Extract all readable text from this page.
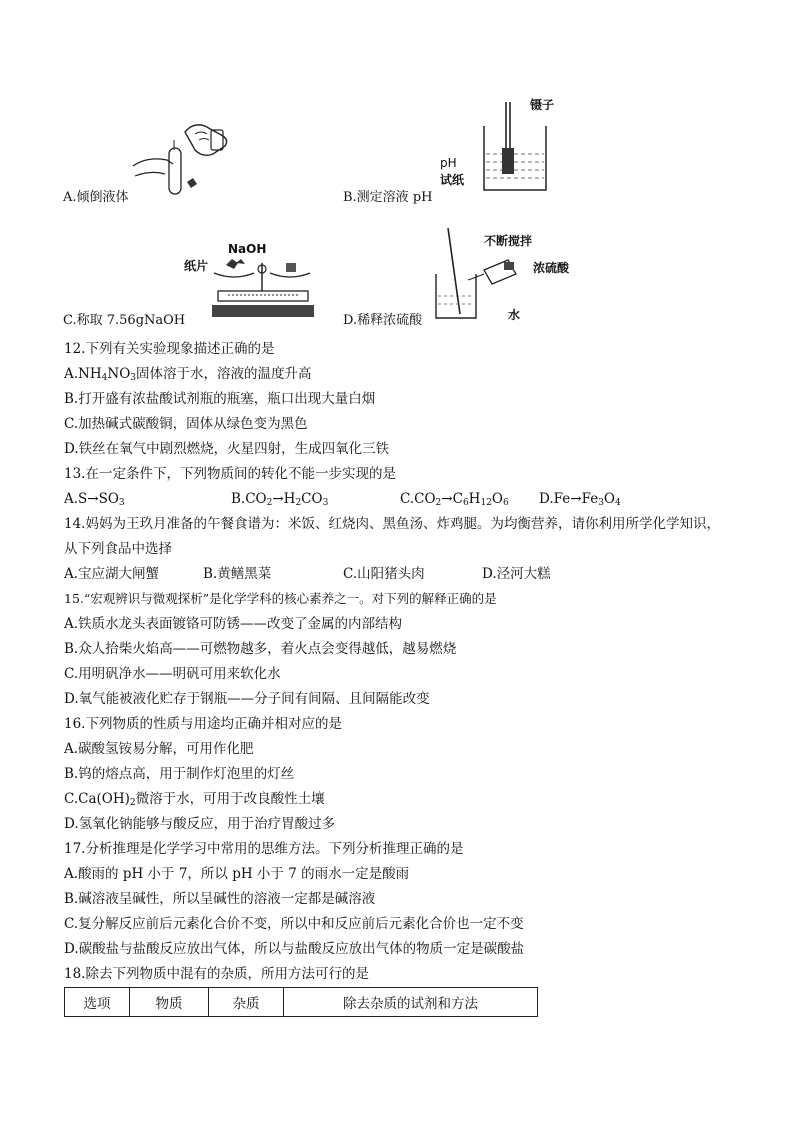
A.倾倒液体
镊子
pH
试纸
B.测定溶液 pH
NaOH
纸片
C.称取 7.56gNaOH
不断搅拌
浓硫酸
水
D.稀释浓硫酸
12.下列有关实验现象描述正确的是
$A.NH_4NO_3$固体溶于水，溶液的温度升高
B.打开盛有浓盐酸试剂瓶的瓶塞，瓶口出现大量白烟
C.加热碱式碳酸铜，固体从绿色变为黑色
D.铁丝在氧气中剧烈燃烧，火星四射，生成四氧化三铁
13.在一定条件下，下列物质间的转化不能一步实现的是
$A.S\to SO_3$	$B.CO_2\to H_2CO_3$	$C.CO_2\to C_6H_{12}O_6$ $D.Fe\to Fe_3O_4$
14.妈妈为王玖月准备的午餐食谱为：米饭、红烧肉、黑鱼汤、炸鸡腿。为均衡营养，请你利用所学化学知识，
从下列食品中选择
A.宝应湖大闸蟹	B.黄鳝黑菜	C.山阳猪头肉	D.泾河大糕
15.“宏观辨识与微观探析”是化学学科的核心素养之一。对下列的解释正确的是
A.铁质水龙头表面镀铬可防锈——改变了金属的内部结构
B.众人拾柴火焰高——可燃物越多，着火点会变得越低，越易燃烧
C.用明矾净水——明矾可用来软化水
D.氧气能被液化贮存于钢瓶——分子间有间隔、且间隔能改变
16.下列物质的性质与用途均正确并相对应的是
A.碳酸氢铵易分解，可用作化肥
B.钨的熔点高，用于制作灯泡里的灯丝
$C.Ca(OH)_2$微溶于水，可用于改良酸性土壤
D.氢氧化钠能够与酸反应，用于治疗胃酸过多
17.分析推理是化学学习中常用的思维方法。下列分析推理正确的是
A.酸雨的 pH 小于 7，所以 pH 小于 7 的雨水一定是酸雨
B.碱溶液呈碱性，所以呈碱性的溶液一定都是碱溶液
C.复分解反应前后元素化合价不变，所以中和反应前后元素化合价也一定不变
D.碳酸盐与盐酸反应放出气体，所以与盐酸反应放出气体的物质一定是碳酸盐
18.除去下列物质中混有的杂质，所用方法可行的是
选项	物质	杂质	除去杂质的试剂和方法
